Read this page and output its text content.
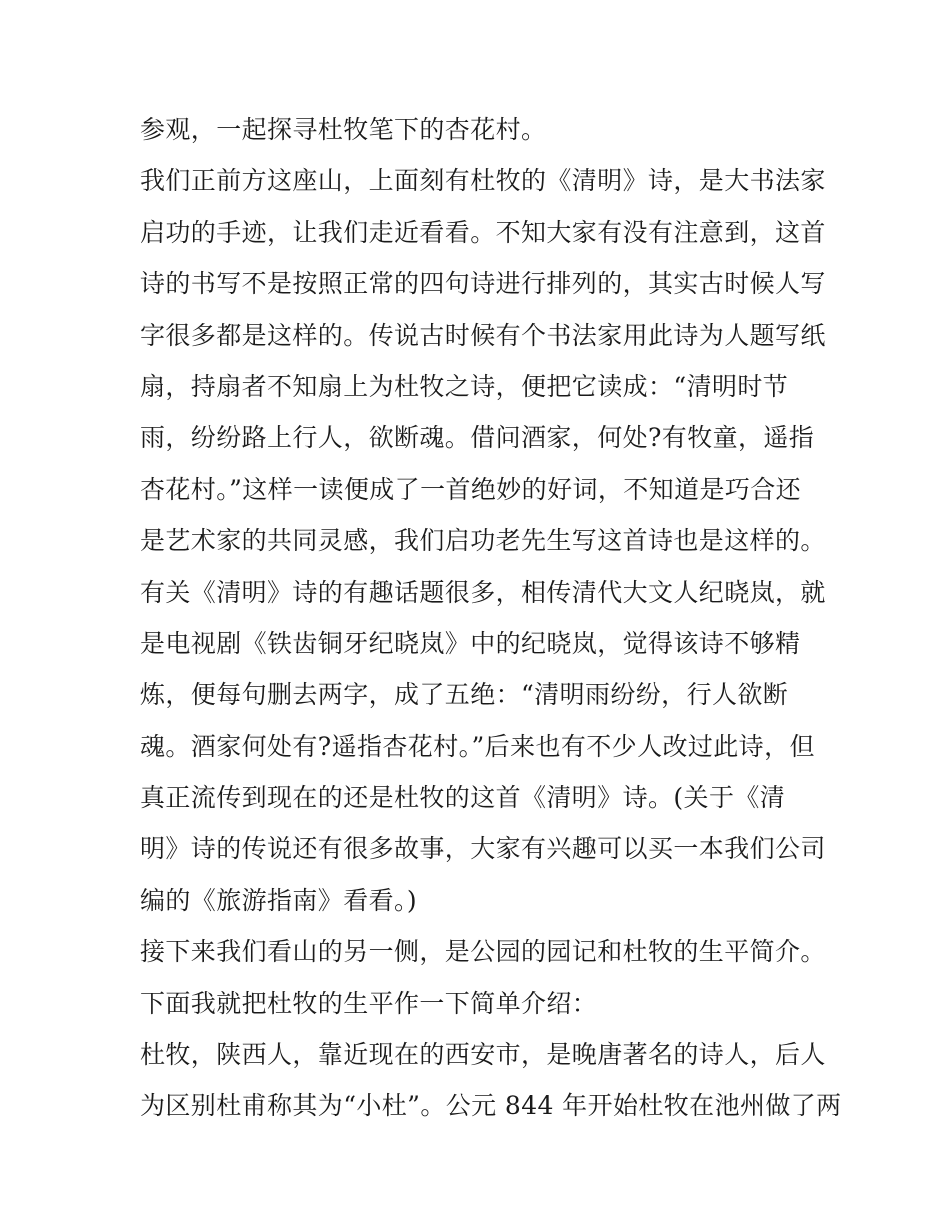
参观，一起探寻杜牧笔下的杏花村。
我们正前方这座山，上面刻有杜牧的《清明》诗，是大书法家
启功的手迹，让我们走近看看。不知大家有没有注意到，这首
诗的书写不是按照正常的四句诗进行排列的，其实古时候人写
字很多都是这样的。传说古时候有个书法家用此诗为人题写纸
扇，持扇者不知扇上为杜牧之诗，便把它读成：“清明时节
雨，纷纷路上行人，欲断魂。借问酒家，何处?有牧童，遥指
杏花村。”这样一读便成了一首绝妙的好词，不知道是巧合还
是艺术家的共同灵感，我们启功老先生写这首诗也是这样的。
有关《清明》诗的有趣话题很多，相传清代大文人纪晓岚，就
是电视剧《铁齿铜牙纪晓岚》中的纪晓岚，觉得该诗不够精
炼，便每句删去两字，成了五绝：“清明雨纷纷，行人欲断
魂。酒家何处有?遥指杏花村。”后来也有不少人改过此诗，但
真正流传到现在的还是杜牧的这首《清明》诗。(关于《清
明》诗的传说还有很多故事，大家有兴趣可以买一本我们公司
编的《旅游指南》看看。)
接下来我们看山的另一侧，是公园的园记和杜牧的生平简介。
下面我就把杜牧的生平作一下简单介绍：
杜牧，陕西人，靠近现在的西安市，是晚唐著名的诗人，后人
为区别杜甫称其为“小杜”。公元 844 年开始杜牧在池州做了两
